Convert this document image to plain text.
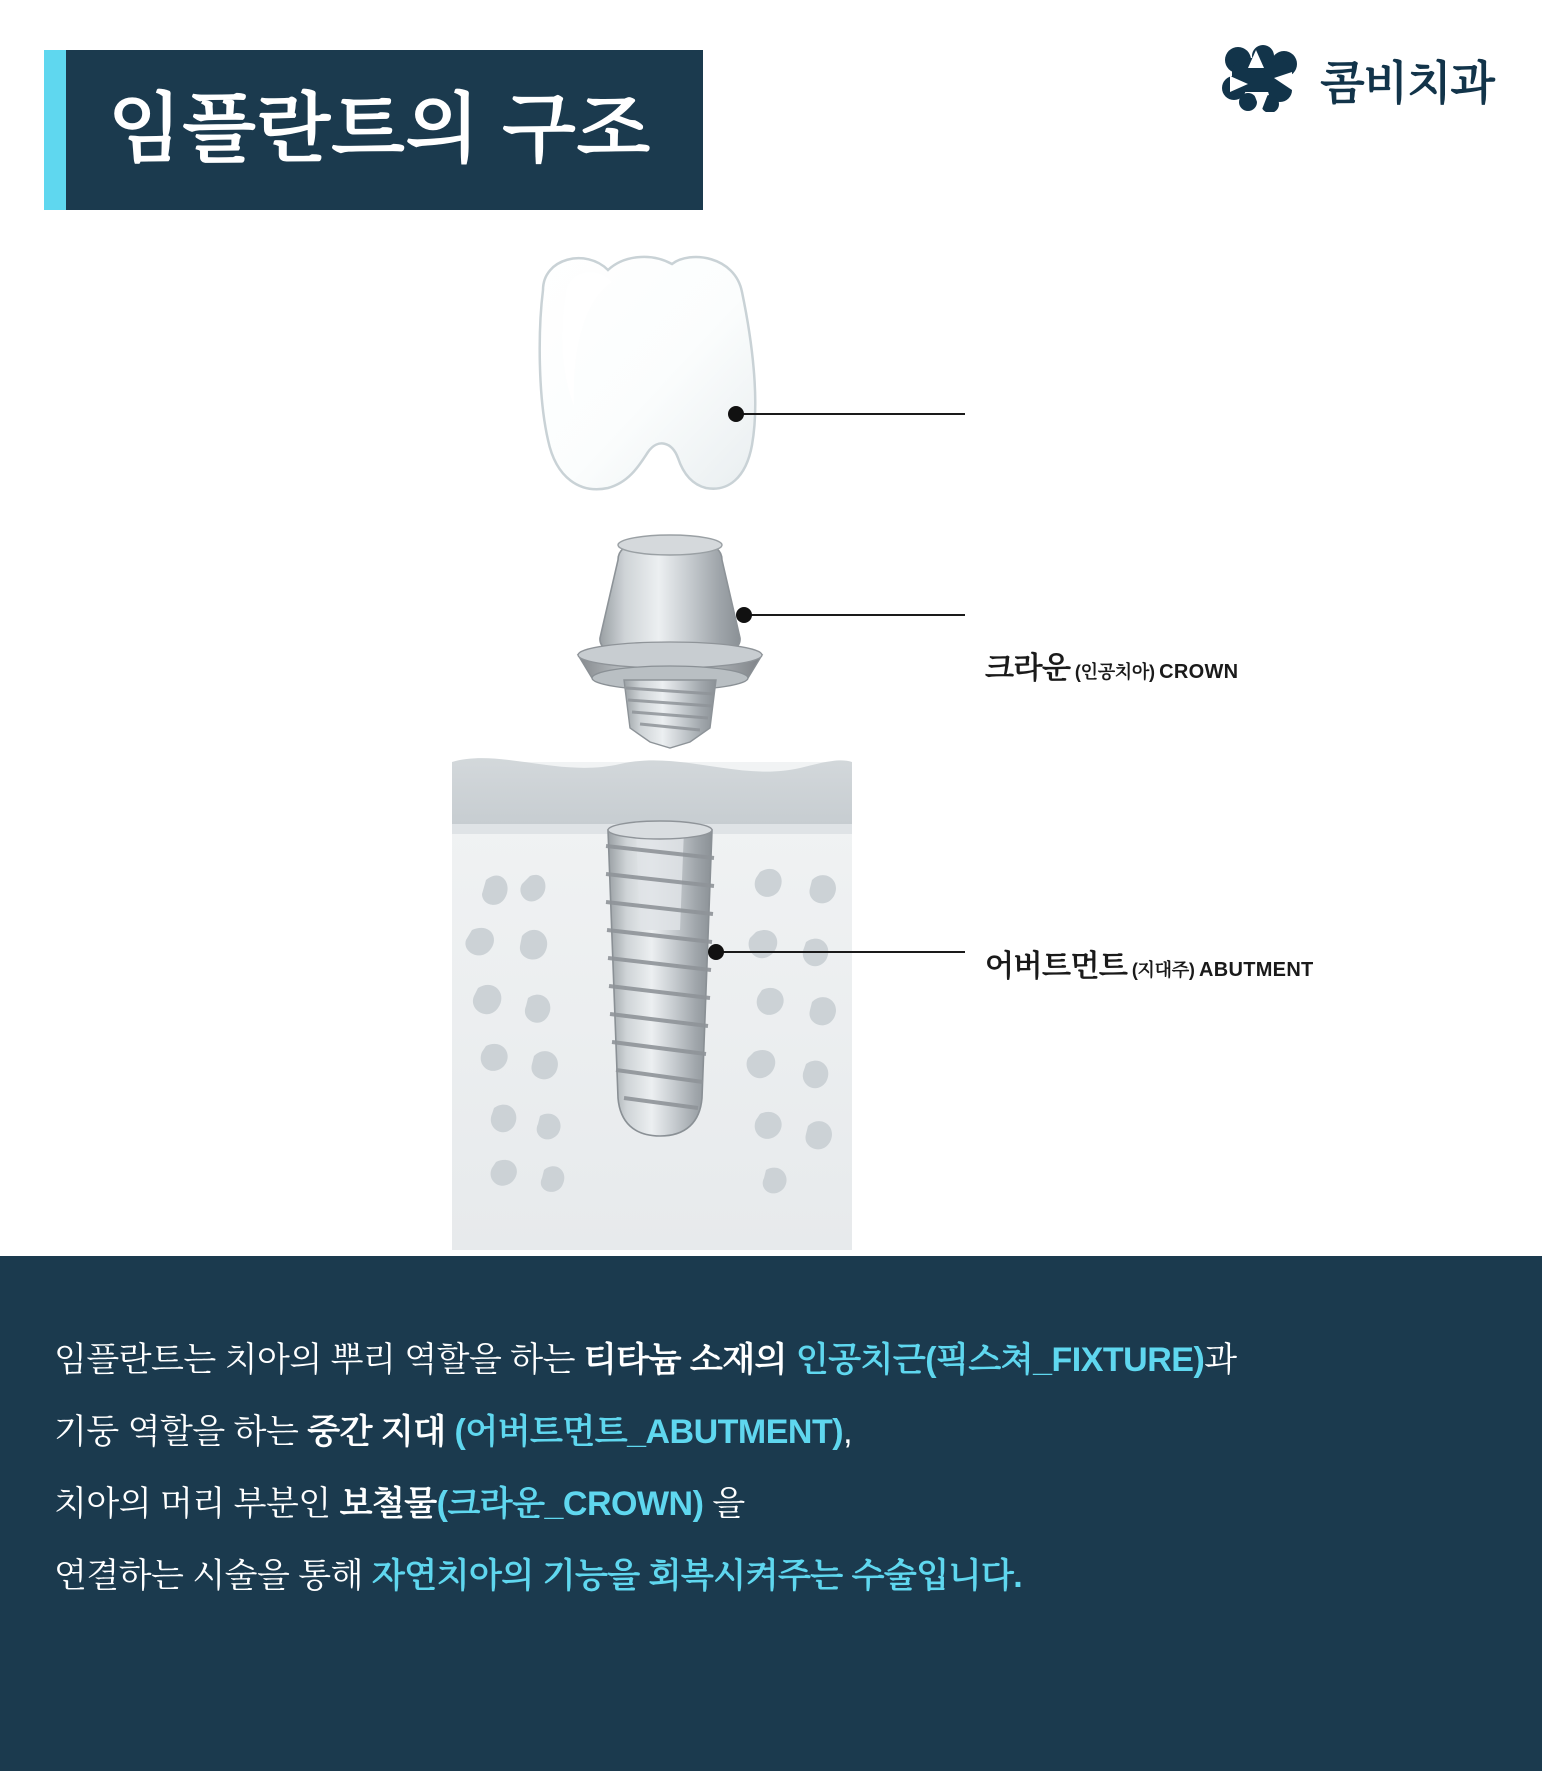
임플란트의 구조
콤비치과
크라운 (인공치아) CROWN
어버트먼트 (지대주) ABUTMENT

임플란트는 치아의 뿌리 역할을 하는 티타늄 소재의 인공치근(픽스쳐_FIXTURE)과

기둥 역할을 하는 중간 지대 (어버트먼트_ABUTMENT),

치아의 머리 부분인 보철물(크라운_CROWN) 을

연결하는 시술을 통해 자연치아의 기능을 회복시켜주는 수술입니다.
